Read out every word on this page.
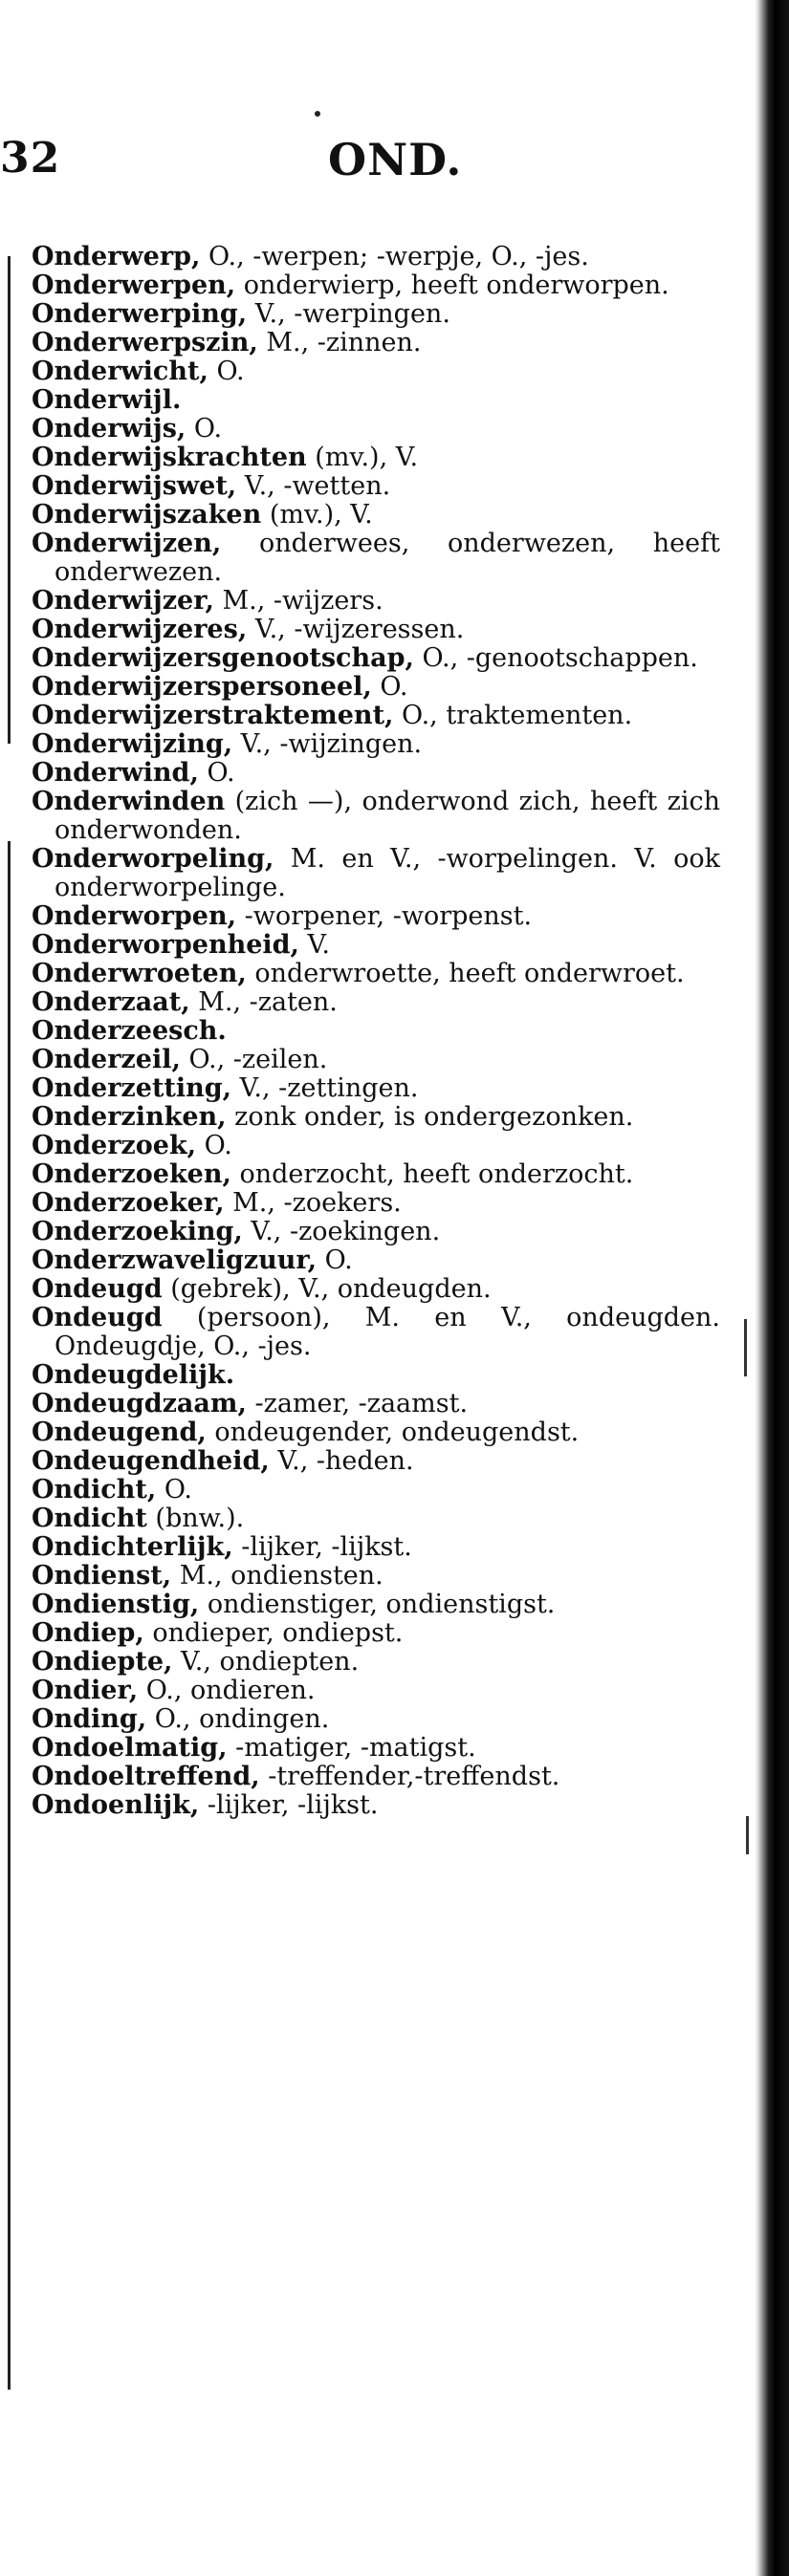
32	OND.
Onderwerp, O., -werpen; -werpje, O., -jes.
Onderwerpen, onderwierp, heeft onderworpen.
Onderwerping, V., -werpingen.
Onderwerpszin, M., -zinnen.
Onderwicht, O.
Onderwijl.
Onderwijs, O.
Onderwijskrachten (mv.), V.
Onderwijswet, V., -wetten.
Onderwijszaken (mv.), V.
Onderwijzen, onderwees, onderwezen, heeft onderwezen.
Onderwijzer, M., -wijzers.
Onderwijzeres, V., -wijzeressen.
Onderwijzersgenootschap, O., -genootschappen.
Onderwijzerspersoneel, O.
Onderwijzerstraktement, O., traktementen.
Onderwijzing, V., -wijzingen.
Onderwind, O.
Onderwinden (zich —), onderwond zich, heeft zich onderwonden.
Onderworpeling, M. en V., -worpelingen. V. ook onderworpelinge.
Onderworpen, -worpener, -worpenst.
Onderworpenheid, V.
Onderwroeten, onderwroette, heeft onderwroet.
Onderzaat, M., -zaten.
Onderzeesch.
Onderzeil, O., -zeilen.
Onderzetting, V., -zettingen.
Onderzinken, zonk onder, is ondergezonken.
Onderzoek, O.
Onderzoeken, onderzocht, heeft onderzocht.
Onderzoeker, M., -zoekers.
Onderzoeking, V., -zoekingen.
Onderzwaveligzuur, O.
Ondeugd (gebrek), V., ondeugden.
Ondeugd (persoon), M. en V., ondeugden. Ondeugdje, O., -jes.
Ondeugdelijk.
Ondeugdzaam, -zamer, -zaamst.
Ondeugend, ondeugender, ondeugendst.
Ondeugendheid, V., -heden.
Ondicht, O.
Ondicht (bnw.).
Ondichterlijk, -lijker, -lijkst.
Ondienst, M., ondiensten.
Ondienstig, ondienstiger, ondienstigst.
Ondiep, ondieper, ondiepst.
Ondiepte, V., ondiepten.
Ondier, O., ondieren.
Onding, O., ondingen.
Ondoelmatig, -matiger, -matigst.
Ondoeltreffend, -treffender,-treffendst.
Ondoenlijk, -lijker, -lijkst.
